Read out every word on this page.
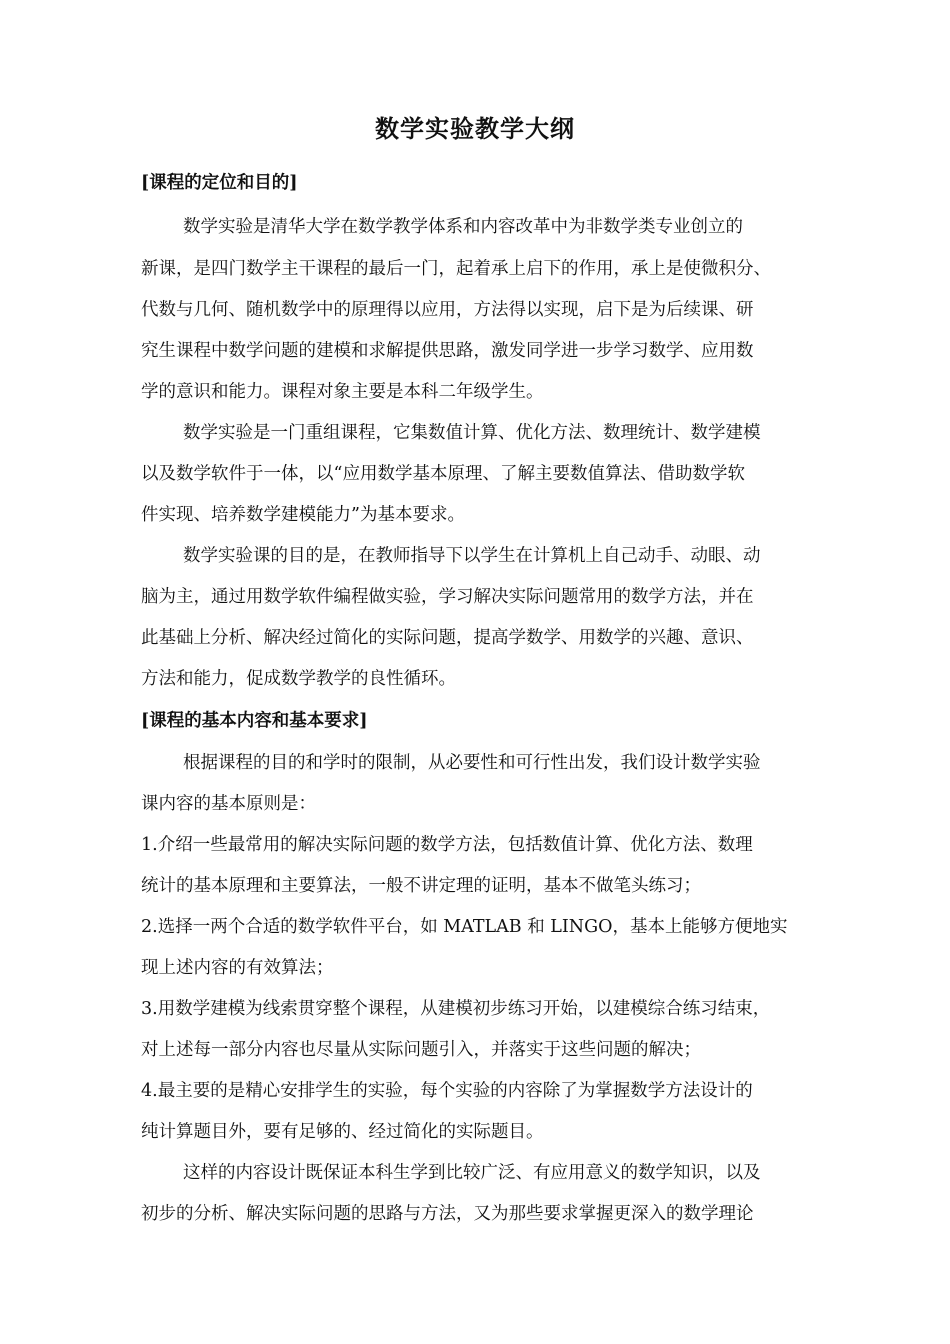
数学实验教学大纲
[课程的定位和目的]
数学实验是清华大学在数学教学体系和内容改革中为非数学类专业创立的
新课，是四门数学主干课程的最后一门，起着承上启下的作用，承上是使微积分、
代数与几何、随机数学中的原理得以应用，方法得以实现，启下是为后续课、研
究生课程中数学问题的建模和求解提供思路，激发同学进一步学习数学、应用数
学的意识和能力。课程对象主要是本科二年级学生。
数学实验是一门重组课程，它集数值计算、优化方法、数理统计、数学建模
以及数学软件于一体，以“应用数学基本原理、了解主要数值算法、借助数学软
件实现、培养数学建模能力”为基本要求。
数学实验课的目的是，在教师指导下以学生在计算机上自己动手、动眼、动
脑为主，通过用数学软件编程做实验，学习解决实际问题常用的数学方法，并在
此基础上分析、解决经过简化的实际问题，提高学数学、用数学的兴趣、意识、
方法和能力，促成数学教学的良性循环。
[课程的基本内容和基本要求]
根据课程的目的和学时的限制，从必要性和可行性出发，我们设计数学实验
课内容的基本原则是：
1.介绍一些最常用的解决实际问题的数学方法，包括数值计算、优化方法、数理
统计的基本原理和主要算法，一般不讲定理的证明，基本不做笔头练习；
2.选择一两个合适的数学软件平台，如 MATLAB 和 LINGO，基本上能够方便地实
现上述内容的有效算法；
3.用数学建模为线索贯穿整个课程，从建模初步练习开始，以建模综合练习结束，
对上述每一部分内容也尽量从实际问题引入，并落实于这些问题的解决；
4.最主要的是精心安排学生的实验，每个实验的内容除了为掌握数学方法设计的
纯计算题目外，要有足够的、经过简化的实际题目。
这样的内容设计既保证本科生学到比较广泛、有应用意义的数学知识，以及
初步的分析、解决实际问题的思路与方法，又为那些要求掌握更深入的数学理论
